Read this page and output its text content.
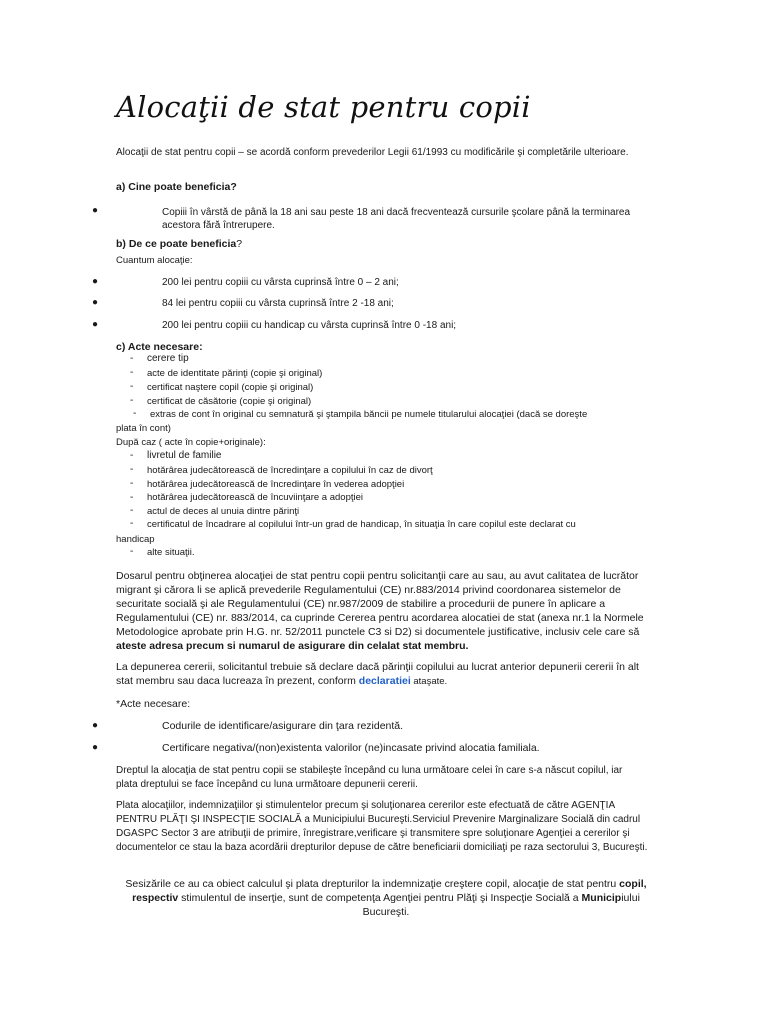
Alocaţii de stat pentru copii
Alocaţii de stat pentru copii – se acordă conform prevederilor Legii 61/1993 cu modificările şi completările ulterioare.
a) Cine poate beneficia?
●	Copiii în vârstă de până la 18 ani sau peste 18 ani dacă frecventează cursurile şcolare până la terminarea acestora fără întrerupere.
b) De ce poate beneficia?
Cuantum alocaţie:
●	200 lei pentru copiii cu vârsta cuprinsă între 0 – 2 ani;
●	84 lei pentru copiii cu vârsta cuprinsă între 2 -18 ani;
●	200 lei pentru copiii cu handicap cu vârsta cuprinsă între 0 -18 ani;
c) Acte necesare:
- cerere tip
- acte de identitate părinţi (copie şi original)
- certificat naştere copil (copie şi original)
- certificat de căsătorie (copie şi original)
- extras de cont în original cu semnatură şi ştampila băncii pe numele titularului alocaţiei (dacă se doreşte
plata în cont)
După caz ( acte în copie+originale):
- livretul de familie
- hotărârea judecătorească de încredinţare a copilului în caz de divorţ
- hotărârea judecătorească de încredinţare în vederea adopţiei
- hotărârea judecătorească de încuviinţare a adopţiei
- actul de deces al unuia dintre părinţi
- certificatul de încadrare al copilului într-un grad de handicap, în situaţia în care copilul este declarat cu
handicap
- alte situaţii.
Dosarul pentru obţinerea alocaţiei de stat pentru copii pentru solicitanţii care au sau, au avut calitatea de lucrător migrant şi cărora li se aplică prevederile Regulamentului (CE) nr.883/2014 privind coordonarea sistemelor de securitate socială şi ale Regulamentului (CE) nr.987/2009 de stabilire a procedurii de punere în aplicare a Regulamentului (CE) nr. 883/2014, ca cuprinde Cererea pentru acordarea alocatiei de stat (anexa nr.1 la Normele Metodologice aprobate prin H.G. nr. 52/2011 punctele C3 si D2) si documentele justificative, inclusiv cele care să ateste adresa precum si numarul de asigurare din celalat stat membru.
La depunerea cererii, solicitantul trebuie să declare dacă părinţii copilului au lucrat anterior depunerii cererii în alt stat membru sau daca lucreaza în prezent, conform declaratiei ataşate.
*Acte necesare:
●	Codurile de identificare/asigurare din ţara rezidentă.
●	Certificare negativa/(non)existenta valorilor (ne)incasate privind alocatia familiala.
Dreptul la alocaţia de stat pentru copii se stabileşte începând cu luna următoare celei în care s-a născut copilul, iar plata dreptului se face începând cu luna următoare depunerii cererii.
Plata alocaţiilor, indemnizaţiilor şi stimulentelor precum şi soluţionarea cererilor este efectuată de către AGENŢIA PENTRU PLĂŢI ŞI INSPECŢIE SOCIALĂ a Municipiului Bucureşti.Serviciul Prevenire Marginalizare Socială din cadrul DGASPC Sector 3 are atribuţii de primire, înregistrare,verificare şi transmitere spre soluţionare Agenţiei a cererilor şi documentelor ce stau la baza acordării drepturilor depuse de către beneficiarii domiciliaţi pe raza sectorului 3, Bucureşti.
Sesizările ce au ca obiect calculul şi plata drepturilor la indemnizaţie creştere copil, alocaţie de stat pentru copil, respectiv stimulentul de inserţie, sunt de competenţa Agenţiei pentru Plăţi şi Inspecţie Socială a Municipiului Bucureşti.
